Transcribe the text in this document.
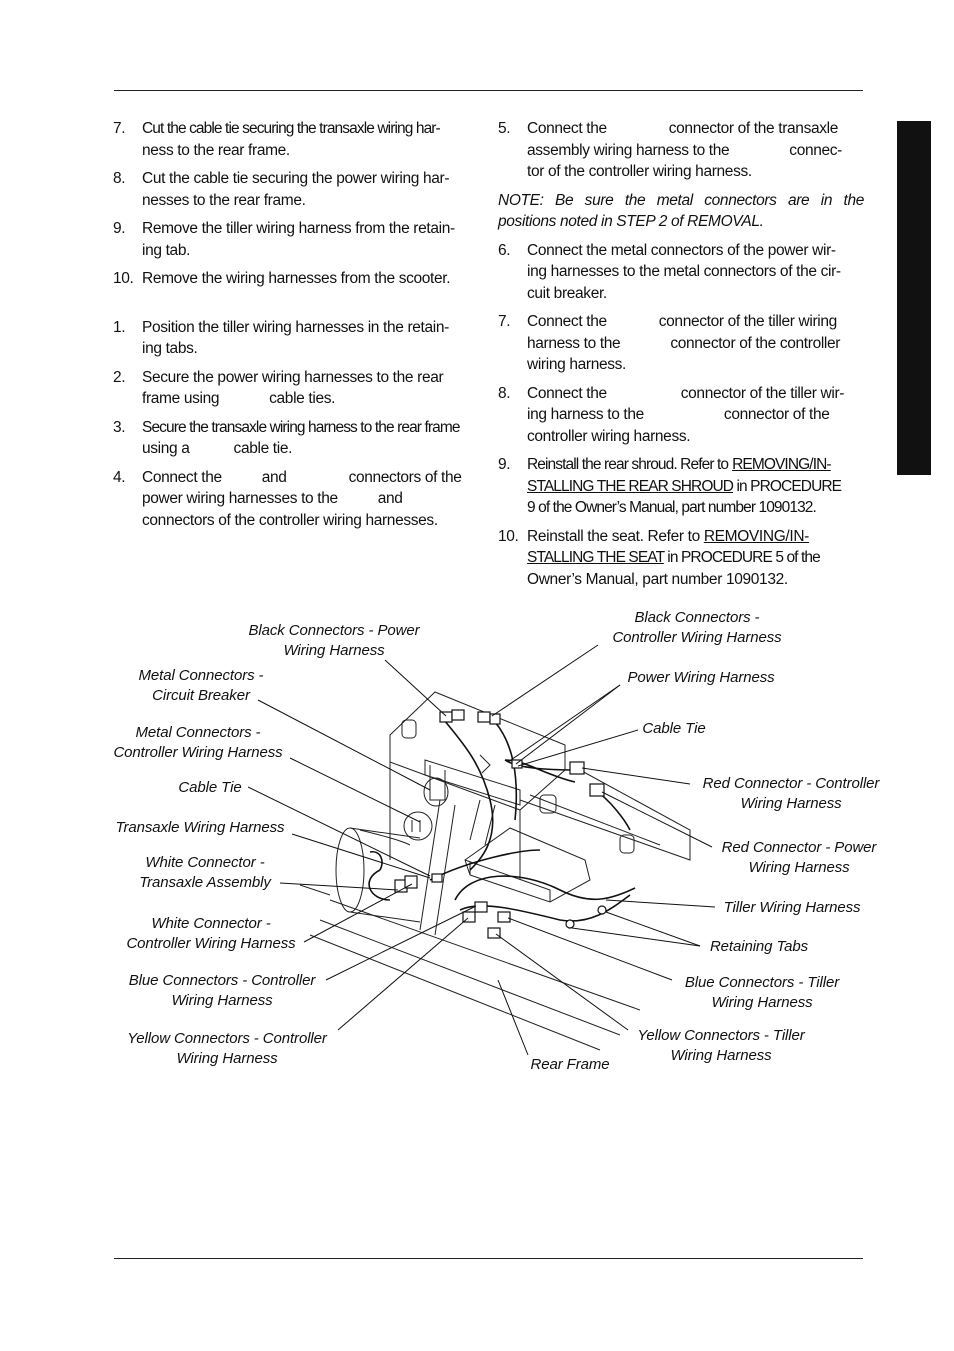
7. Cut the cable tie securing the transaxle wiring har-
ness to the rear frame.
8. Cut the cable tie securing the power wiring har-
nesses to the rear frame.
9. Remove the tiller wiring harness from the retain-
ing tab.
10. Remove the wiring harnesses from the scooter.
1. Position the tiller wiring harnesses in the retain-
ing tabs.
2. Secure the power wiring harnesses to the rear
frame using	cable ties.
3. Secure the transaxle wiring harness to the rear frame
using a	cable tie.
4. Connect the	and	connectors of the
power wiring harnesses to the	and
connectors of the controller wiring harnesses.
5. Connect the	connector of the transaxle
assembly wiring harness to the	connec-
tor of the controller wiring harness.
NOTE: Be sure the metal connectors are in the positions noted in STEP 2 of REMOVAL.
6. Connect the metal connectors of the power wir-
ing harnesses to the metal connectors of the cir-
cuit breaker.
7. Connect the	connector of the tiller wiring
harness to the	connector of the controller
wiring harness.
8. Connect the	connector of the tiller wir-
ing harness to the	connector of the
controller wiring harness.
9. Reinstall the rear shroud. Refer to REMOVING/IN-
STALLING THE REAR SHROUD in PROCEDURE
9 of the Owner’s Manual, part number 1090132.
10. Reinstall the seat. Refer to REMOVING/IN-
STALLING THE SEAT in PROCEDURE 5 of the
Owner’s Manual, part number 1090132.
Black Connectors - Power
Wiring Harness
Metal Connectors -
Circuit Breaker
Metal Connectors -
Controller Wiring Harness
Cable Tie
Transaxle Wiring Harness
White Connector -
Transaxle Assembly
White Connector -
Controller Wiring Harness
Blue Connectors - Controller
Wiring Harness
Yellow Connectors - Controller
Wiring Harness
Black Connectors -
Controller Wiring Harness
Power Wiring Harness
Cable Tie
Red Connector - Controller
Wiring Harness
Red Connector - Power
Wiring Harness
Tiller Wiring Harness
Retaining Tabs
Blue Connectors - Tiller
Wiring Harness
Yellow Connectors - Tiller
Wiring Harness
Rear Frame
